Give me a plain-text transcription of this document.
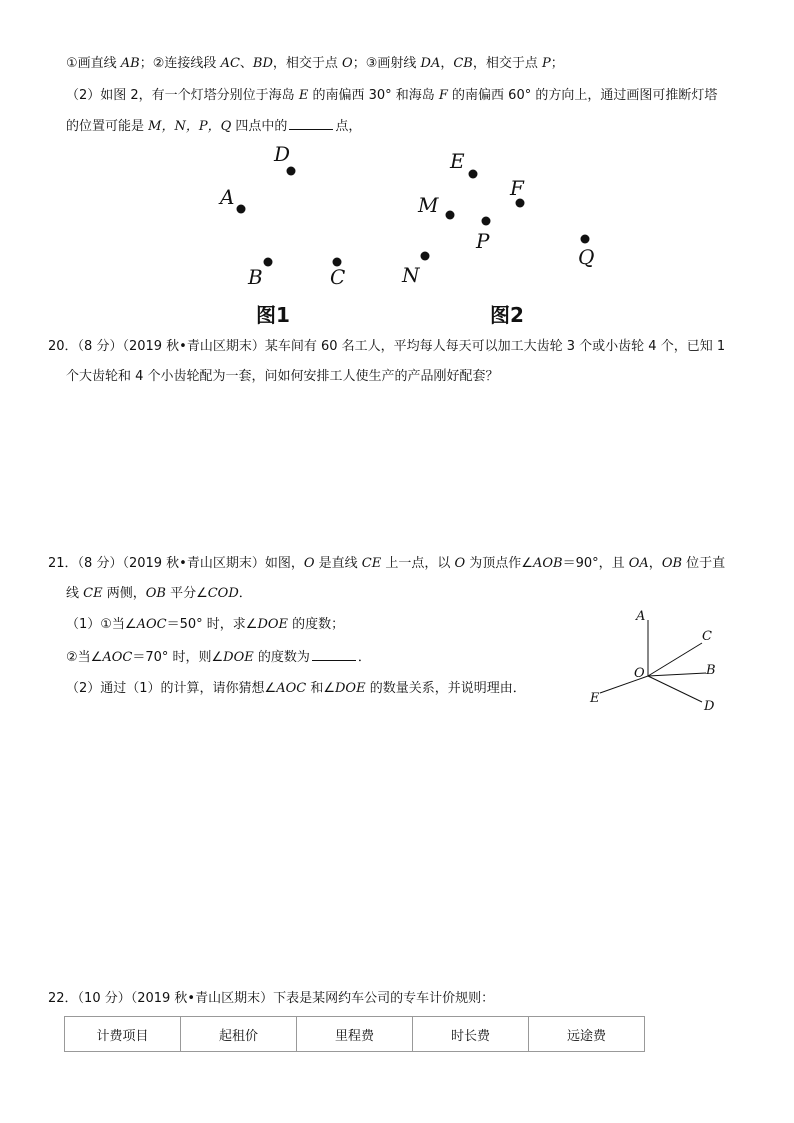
①画直线 AB；②连接线段 AC、BD，相交于点 O；③画射线 DA，CB，相交于点 P；
（2）如图 2，有一个灯塔分别位于海岛 E 的南偏西 30° 和海岛 F 的南偏西 60° 的方向上，通过画图可推断灯塔
的位置可能是 M，N，P，Q 四点中的	点，
D
A
B	C
图1
E
F
M
P
N
Q
图2
20．（8 分）（2019 秋•青山区期末）某车间有 60 名工人，平均每人每天可以加工大齿轮 3 个或小齿轮 4 个，已知 1
个大齿轮和 4 个小齿轮配为一套，问如何安排工人使生产的产品刚好配套？
21．（8 分）（2019 秋•青山区期末）如图，O 是直线 CE 上一点，以 O 为顶点作∠AOB＝90°，且 OA，OB 位于直
线 CE 两侧，OB 平分∠COD．
（1）①当∠AOC＝50° 时，求∠DOE 的度数；
②当∠AOC＝70° 时，则∠DOE 的度数为	．
（2）通过（1）的计算，请你猜想∠AOC 和∠DOE 的数量关系，并说明理由．
A
C
O	B
E
D
22．（10 分）（2019 秋•青山区期末）下表是某网约车公司的专车计价规则：
计费项目	起租价	里程费	时长费	远途费
